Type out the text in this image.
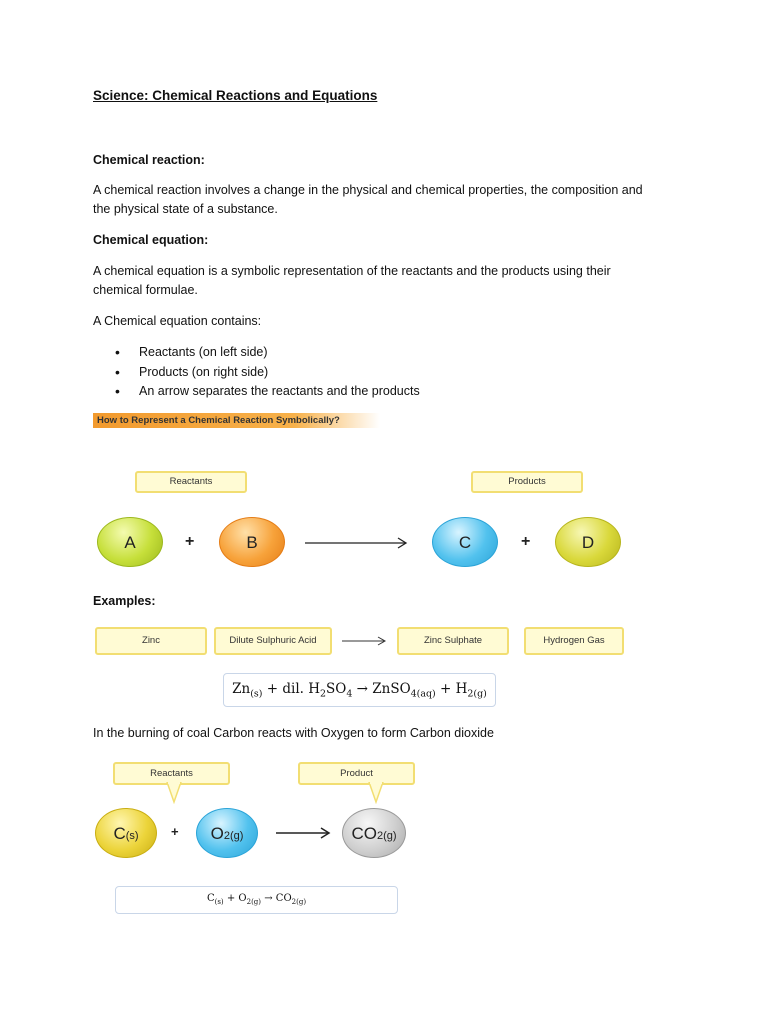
Science: Chemical Reactions and Equations
Chemical reaction:
A chemical reaction involves a change in the physical and chemical properties, the composition and
the physical state of a substance.
Chemical equation:
A chemical equation is a symbolic representation of the reactants and the products using their
chemical formulae.
A Chemical equation contains:
• Reactants (on left side)
• Products (on right side)
• An arrow separates the reactants and the products
How to Represent a Chemical Reaction Symbolically?
Reactants	Products
A	+	B	C	+	D
Examples:
Zinc	Dilute Sulphuric Acid	Zinc Sulphate	Hydrogen Gas
$Zn_{(s)}$ + dil. $H_2SO_4$ → ZnSO$_{4(aq)}$ + $H_{2(g)}$
In the burning of coal Carbon reacts with Oxygen to form Carbon dioxide
Reactants	Product
C(s)	+	O2(g)	→	CO2(g)
$C_{(s)} + O_{2(g)} \to CO_{2(g)}$
